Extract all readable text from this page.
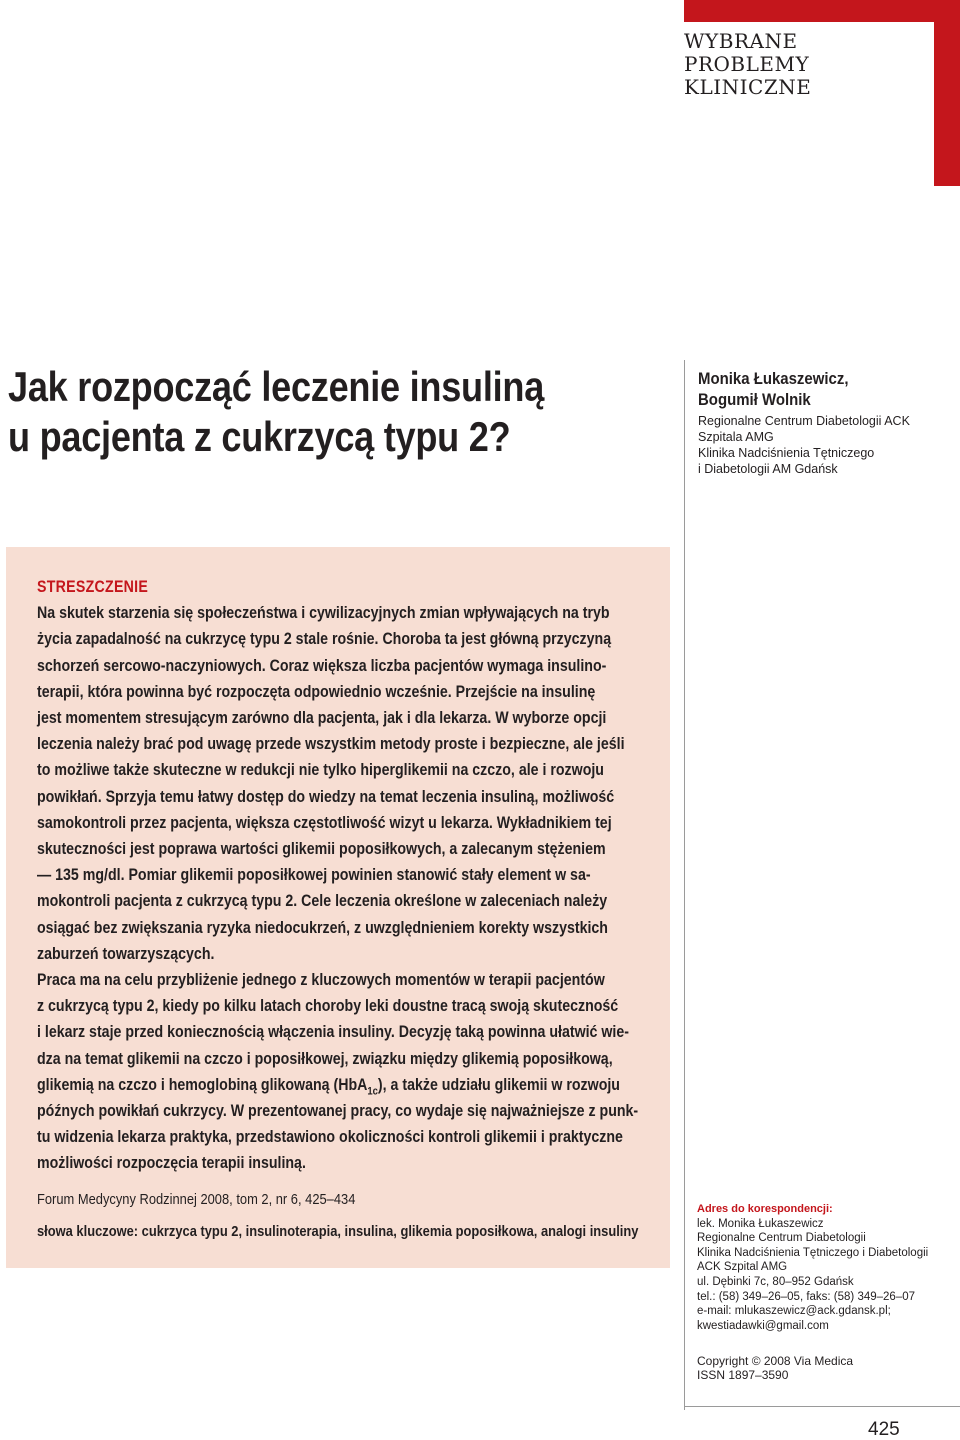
WYBRANE
PROBLEMY
KLINICZNE
Jak rozpocząć leczenie insuliną
u pacjenta z cukrzycą typu 2?
Monika Łukaszewicz,
Bogumił Wolnik
Regionalne Centrum Diabetologii ACK
Szpitala AMG
Klinika Nadciśnienia Tętniczego
i Diabetologii AM Gdańsk
STRESZCZENIE
Na skutek starzenia się społeczeństwa i cywilizacyjnych zmian wpływających na tryb
życia zapadalność na cukrzycę typu 2 stale rośnie. Choroba ta jest główną przyczyną
schorzeń sercowo-naczyniowych. Coraz większa liczba pacjentów wymaga insulino-
terapii, która powinna być rozpoczęta odpowiednio wcześnie. Przejście na insulinę
jest momentem stresującym zarówno dla pacjenta, jak i dla lekarza. W wyborze opcji
leczenia należy brać pod uwagę przede wszystkim metody proste i bezpieczne, ale jeśli
to możliwe także skuteczne w redukcji nie tylko hiperglikemii na czczo, ale i rozwoju
powikłań. Sprzyja temu łatwy dostęp do wiedzy na temat leczenia insuliną, możliwość
samokontroli przez pacjenta, większa częstotliwość wizyt u lekarza. Wykładnikiem tej
skuteczności jest poprawa wartości glikemii poposiłkowych, a zalecanym stężeniem
— 135 mg/dl. Pomiar glikemii poposiłkowej powinien stanowić stały element w sa-
mokontroli pacjenta z cukrzycą typu 2. Cele leczenia określone w zaleceniach należy
osiągać bez zwiększania ryzyka niedocukrzeń, z uwzględnieniem korekty wszystkich
zaburzeń towarzyszących.
Praca ma na celu przybliżenie jednego z kluczowych momentów w terapii pacjentów
z cukrzycą typu 2, kiedy po kilku latach choroby leki doustne tracą swoją skuteczność
i lekarz staje przed koniecznością włączenia insuliny. Decyzję taką powinna ułatwić wie-
dza na temat glikemii na czczo i poposiłkowej, związku między glikemią poposiłkową,
glikemią na czczo i hemoglobiną glikowaną (HbA$_{1c}$), a także udziału glikemii w rozwoju
późnych powikłań cukrzycy. W prezentowanej pracy, co wydaje się najważniejsze z punk-
tu widzenia lekarza praktyka, przedstawiono okoliczności kontroli glikemii i praktyczne
możliwości rozpoczęcia terapii insuliną.
Forum Medycyny Rodzinnej 2008, tom 2, nr 6, 425–434
słowa kluczowe: cukrzyca typu 2, insulinoterapia, insulina, glikemia poposiłkowa, analogi insuliny
Adres do korespondencji:
lek. Monika Łukaszewicz
Regionalne Centrum Diabetologii
Klinika Nadciśnienia Tętniczego i Diabetologii
ACK Szpital AMG
ul. Dębinki 7c, 80–952 Gdańsk
tel.: (58) 349–26–05, faks: (58) 349–26–07
e-mail: mlukaszewicz@ack.gdansk.pl;
kwestiadawki@gmail.com
Copyright © 2008 Via Medica
ISSN 1897–3590
425
